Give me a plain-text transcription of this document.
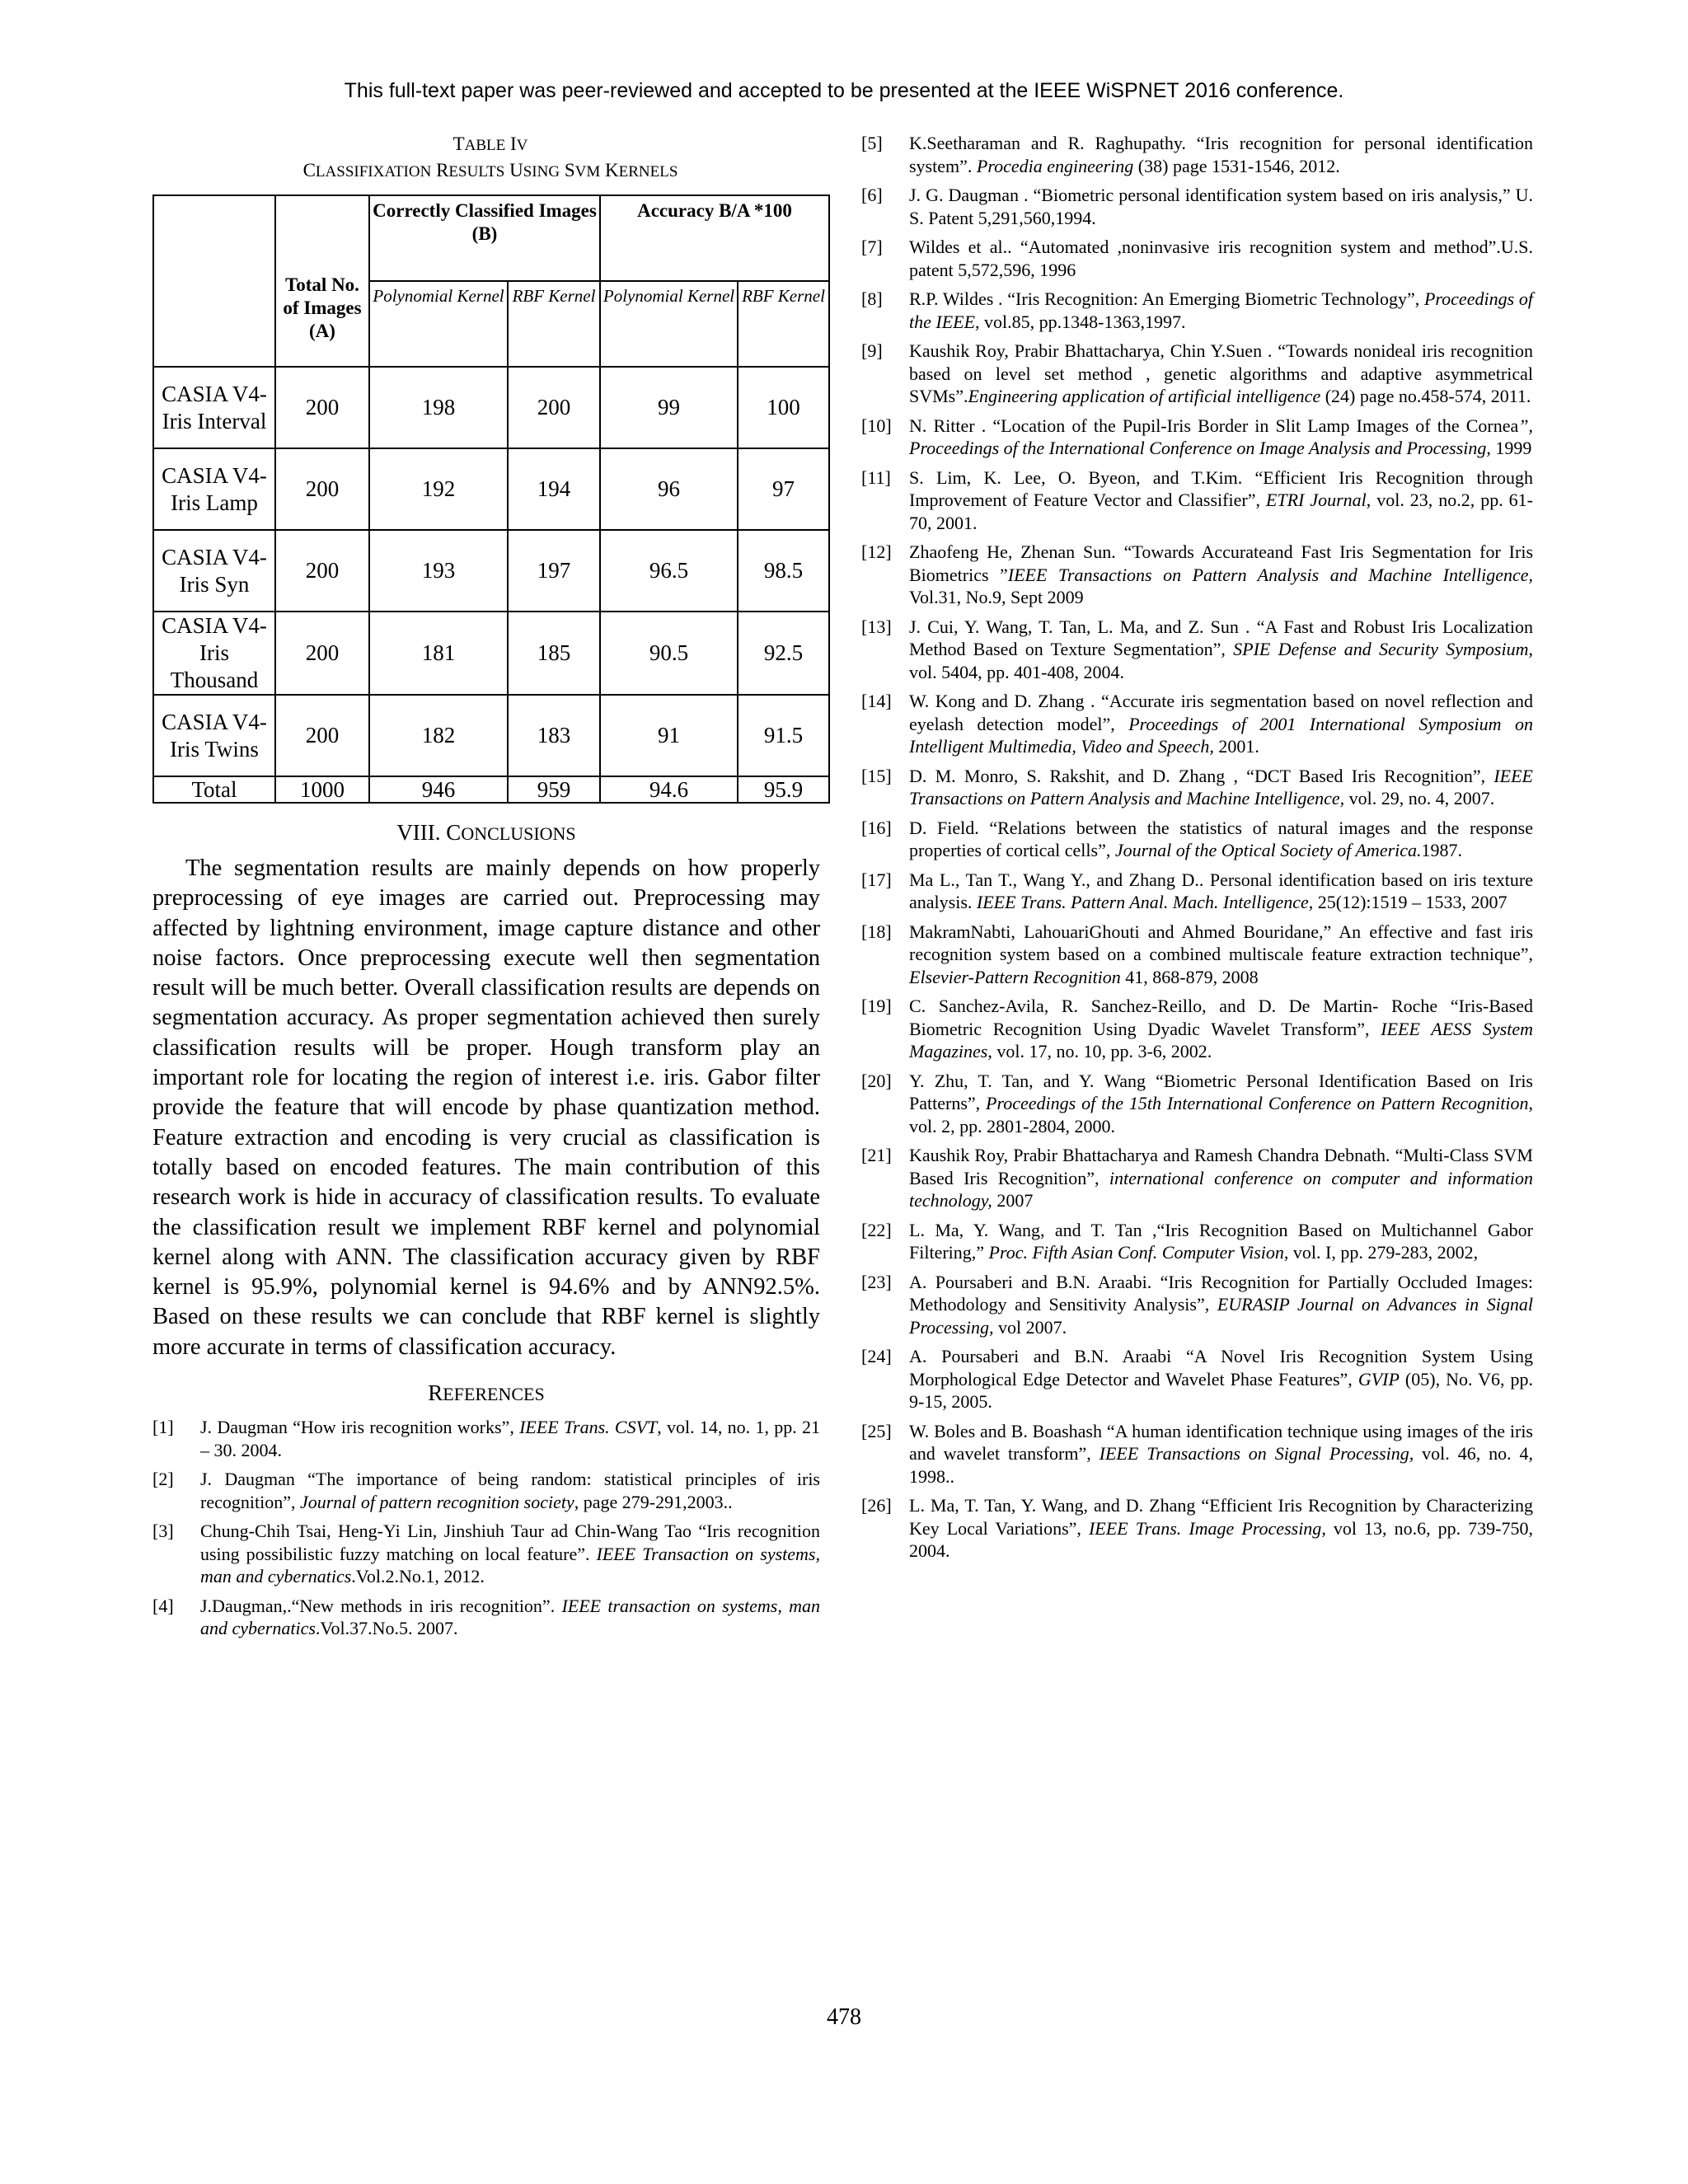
This full-text paper was peer-reviewed and accepted to be presented at the IEEE WiSPNET 2016 conference.
TABLE IV
CLASSIFIXATION RESULTS USING SVM KERNELS
	Total No. of Images (A)	Correctly Classified Images (B)		Accuracy B/A *100	
		Polynomial Kernel	RBF Kernel	Polynomial Kernel	RBF Kernel
CASIA V4- Iris Interval	200	198	200	99	100
CASIA V4- Iris Lamp	200	192	194	96	97
CASIA V4- Iris Syn	200	193	197	96.5	98.5
CASIA V4- Iris Thousand	200	181	185	90.5	92.5
CASIA V4- Iris Twins	200	182	183	91	91.5
Total	1000	946	959	94.6	95.9
VIII. CONCLUSIONS

The segmentation results are mainly depends on how properly preprocessing of eye images are carried out. Preprocessing may affected by lightning environment, image capture distance and other noise factors. Once preprocessing execute well then segmentation result will be much better. Overall classification results are depends on segmentation accuracy. As proper segmentation achieved then surely classification results will be proper. Hough transform play an important role for locating the region of interest i.e. iris. Gabor filter provide the feature that will encode by phase quantization method. Feature extraction and encoding is very crucial as classification is totally based on encoded features. The main contribution of this research work is hide in accuracy of classification results. To evaluate the classification result we implement RBF kernel and polynomial kernel along with ANN. The classification accuracy given by RBF kernel is 95.9%, polynomial kernel is 94.6% and by ANN92.5%. Based on these results we can conclude that RBF kernel is slightly more accurate in terms of classification accuracy.

REFERENCES
[1]	J. Daugman “How iris recognition works”, IEEE Trans. CSVT, vol. 14, no. 1, pp. 21 – 30. 2004.
[2]	J. Daugman “The importance of being random: statistical principles of iris recognition”, Journal of pattern recognition society, page 279-291,2003..
[3]	Chung-Chih Tsai, Heng-Yi Lin, Jinshiuh Taur ad Chin-Wang Tao “Iris recognition using possibilistic fuzzy matching on local feature”. IEEE Transaction on systems, man and cybernatics.Vol.2.No.1, 2012.
[4]	J.Daugman,.“New methods in iris recognition”. IEEE transaction on systems, man and cybernatics.Vol.37.No.5. 2007.
[5]	K.Seetharaman and R. Raghupathy. “Iris recognition for personal identification system”. Procedia engineering (38) page 1531-1546, 2012.
[6]	J. G. Daugman . “Biometric personal identification system based on iris analysis,” U. S. Patent 5,291,560,1994.
[7]	Wildes et al.. “Automated ,noninvasive iris recognition system and method”.U.S. patent 5,572,596, 1996
[8]	R.P. Wildes . “Iris Recognition: An Emerging Biometric Technology”, Proceedings of the IEEE, vol.85, pp.1348-1363,1997.
[9]	Kaushik Roy, Prabir Bhattacharya, Chin Y.Suen . “Towards nonideal iris recognition based on level set method , genetic algorithms and adaptive asymmetrical SVMs”.Engineering application of artificial intelligence (24) page no.458-574, 2011.
[10] N. Ritter . “Location of the Pupil-Iris Border in Slit Lamp Images of the Cornea”, Proceedings of the International Conference on Image Analysis and Processing, 1999
[11]	S. Lim, K. Lee, O. Byeon, and T.Kim. “Efficient Iris Recognition through Improvement of Feature Vector and Classifier”, ETRI Journal, vol. 23, no.2, pp. 61-70, 2001.
[12] Zhaofeng He, Zhenan Sun. “Towards Accurateand Fast Iris Segmentation for Iris Biometrics ”IEEE Transactions on Pattern Analysis and Machine Intelligence, Vol.31, No.9, Sept 2009
[13] J. Cui, Y. Wang, T. Tan, L. Ma, and Z. Sun . “A Fast and Robust Iris Localization Method Based on Texture Segmentation”, SPIE Defense and Security Symposium, vol. 5404, pp. 401-408, 2004.
[14] W. Kong and D. Zhang . “Accurate iris segmentation based on novel reflection and eyelash detection model”, Proceedings of 2001 International Symposium on Intelligent Multimedia, Video and Speech, 2001.
[15] D. M. Monro, S. Rakshit, and D. Zhang , “DCT Based Iris Recognition”, IEEE Transactions on Pattern Analysis and Machine Intelligence, vol. 29, no. 4, 2007.
[16] D. Field. “Relations between the statistics of natural images and the response properties of cortical cells”, Journal of the Optical Society of America.1987.
[17] Ma L., Tan T., Wang Y., and Zhang D.. Personal identification based on iris texture analysis. IEEE Trans. Pattern Anal. Mach. Intelligence, 25(12):1519 – 1533, 2007
[18] MakramNabti, LahouariGhouti and Ahmed Bouridane,” An effective and fast iris recognition system based on a combined multiscale feature extraction technique”, Elsevier-Pattern Recognition 41, 868-879, 2008
[19] C. Sanchez-Avila, R. Sanchez-Reillo, and D. De Martin- Roche “Iris-Based Biometric Recognition Using Dyadic Wavelet Transform”, IEEE AESS System Magazines, vol. 17, no. 10, pp. 3-6, 2002.
[20] Y. Zhu, T. Tan, and Y. Wang “Biometric Personal Identification Based on Iris Patterns”, Proceedings of the 15th International Conference on Pattern Recognition, vol. 2, pp. 2801-2804, 2000.
[21] Kaushik Roy, Prabir Bhattacharya and Ramesh Chandra Debnath. “Multi-Class SVM Based Iris Recognition”, international conference on computer and information technology, 2007
[22] L. Ma, Y. Wang, and T. Tan ,“Iris Recognition Based on Multichannel Gabor Filtering,” Proc. Fifth Asian Conf. Computer Vision, vol. I, pp. 279-283, 2002,
[23] A. Poursaberi and B.N. Araabi. “Iris Recognition for Partially Occluded Images: Methodology and Sensitivity Analysis”, EURASIP Journal on Advances in Signal Processing, vol 2007.
[24] A. Poursaberi and B.N. Araabi “A Novel Iris Recognition System Using Morphological Edge Detector and Wavelet Phase Features”, GVIP (05), No. V6, pp. 9-15, 2005.
[25] W. Boles and B. Boashash “A human identification technique using images of the iris and wavelet transform”, IEEE Transactions on Signal Processing, vol. 46, no. 4, 1998..
[26] L. Ma, T. Tan, Y. Wang, and D. Zhang “Efficient Iris Recognition by Characterizing Key Local Variations”, IEEE Trans. Image Processing, vol 13, no.6, pp. 739-750, 2004.
478
